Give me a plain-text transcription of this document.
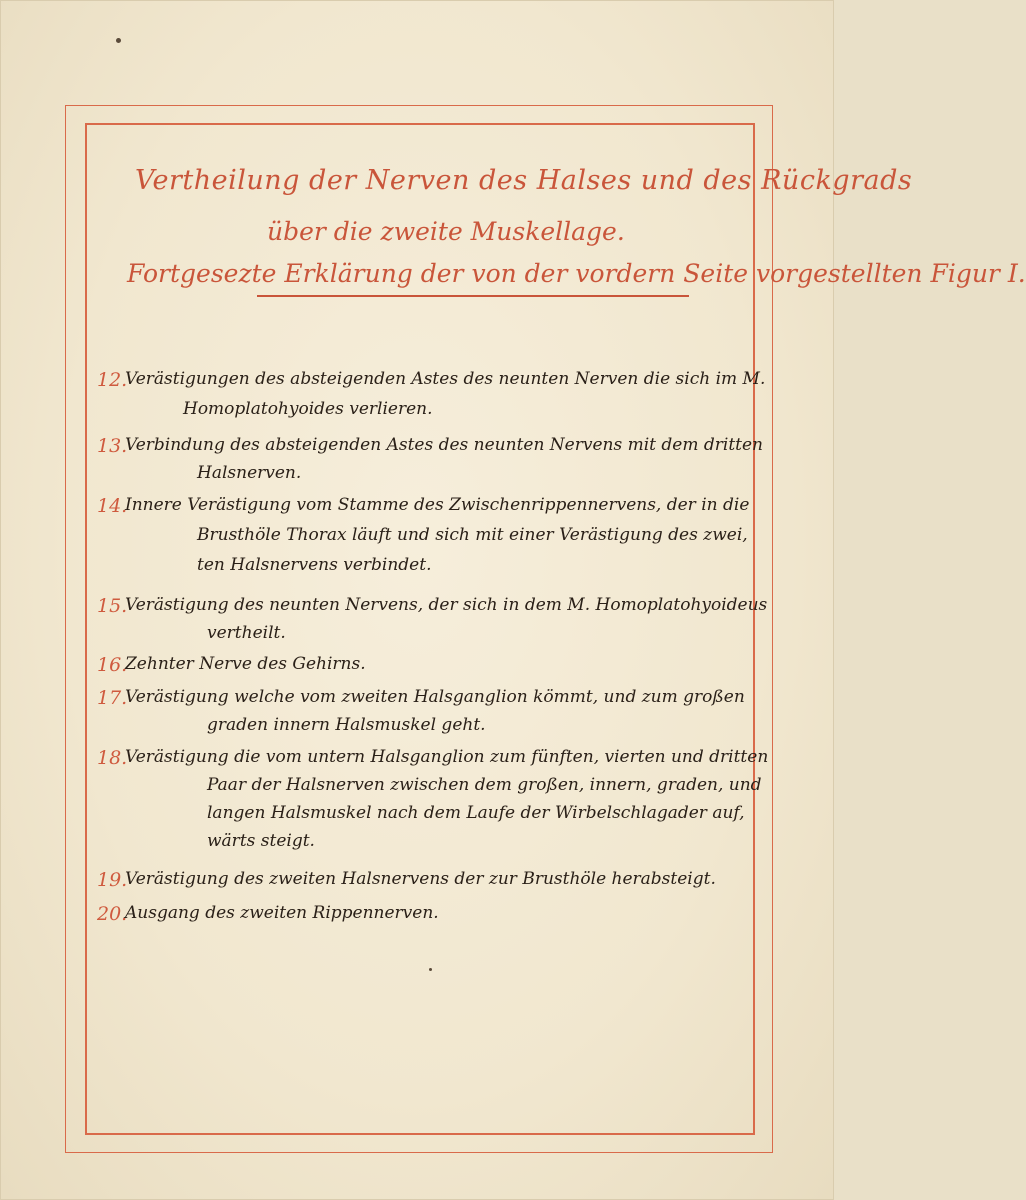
Vertheilung der Nerven des Halses und des Rückgrads
über die zweite Muskellage.
Fortgesezte Erklärung der von der vordern Seite vorgestellten Figur I.
12.
Verästigungen des absteigenden Astes des neunten Nerven die sich im M.
Homoplatohyoides verlieren.
13.
Verbindung des absteigenden Astes des neunten Nervens mit dem dritten
Halsnerven.
14.
Innere Verästigung vom Stamme des Zwischenrippennervens, der in die
Brusthöle Thorax läuft und sich mit einer Verästigung des zwei,
ten Halsnervens verbindet.
15.
Verästigung des neunten Nervens, der sich in dem M. Homoplatohyoideus
vertheilt.
16.
Zehnter Nerve des Gehirns.
17.
Verästigung welche vom zweiten Halsganglion kömmt, und zum großen
graden innern Halsmuskel geht.
18.
Verästigung die vom untern Halsganglion zum fünften, vierten und dritten
Paar der Halsnerven zwischen dem großen, innern, graden, und
langen Halsmuskel nach dem Laufe der Wirbelschlagader auf,
wärts steigt.
19.
Verästigung des zweiten Halsnervens der zur Brusthöle herabsteigt.
20.
Ausgang des zweiten Rippennerven.
